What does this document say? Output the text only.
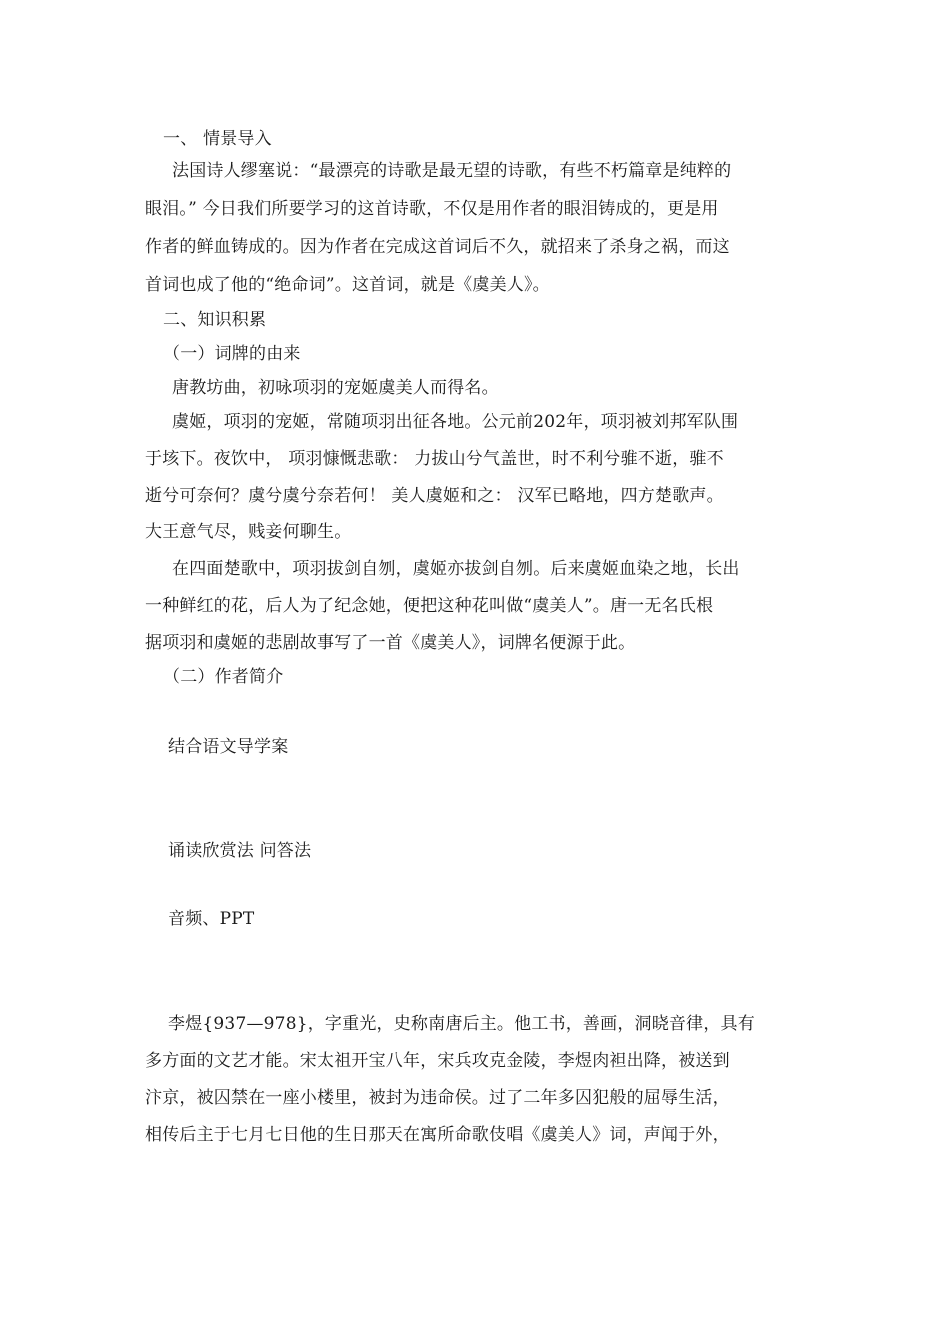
一、 情景导入
法国诗人缪塞说：“最漂亮的诗歌是最无望的诗歌，有些不朽篇章是纯粹的
眼泪。” 今日我们所要学习的这首诗歌，不仅是用作者的眼泪铸成的，更是用
作者的鲜血铸成的。因为作者在完成这首词后不久，就招来了杀身之祸，而这
首词也成了他的“绝命词”。这首词，就是《虞美人》。
二、知识积累
（一）词牌的由来
唐教坊曲，初咏项羽的宠姬虞美人而得名。
虞姬，项羽的宠姬，常随项羽出征各地。公元前202年，项羽被刘邦军队围
于垓下。夜饮中， 项羽慷慨悲歌： 力拔山兮气盖世，时不利兮骓不逝，骓不
逝兮可奈何？虞兮虞兮奈若何！ 美人虞姬和之： 汉军已略地，四方楚歌声。
大王意气尽，贱妾何聊生。
在四面楚歌中，项羽拔剑自刎，虞姬亦拔剑自刎。后来虞姬血染之地，长出
一种鲜红的花，后人为了纪念她，便把这种花叫做“虞美人”。唐一无名氏根
据项羽和虞姬的悲剧故事写了一首《虞美人》，词牌名便源于此。
（二）作者简介
结合语文导学案
诵读欣赏法 问答法
音频、PPT
李煜{937—978}，字重光，史称南唐后主。他工书，善画，洞晓音律，具有
多方面的文艺才能。宋太祖开宝八年，宋兵攻克金陵，李煜肉袒出降，被送到
汴京，被囚禁在一座小楼里，被封为违命侯。过了二年多囚犯般的屈辱生活，
相传后主于七月七日他的生日那天在寓所命歌伎唱《虞美人》词，声闻于外，
